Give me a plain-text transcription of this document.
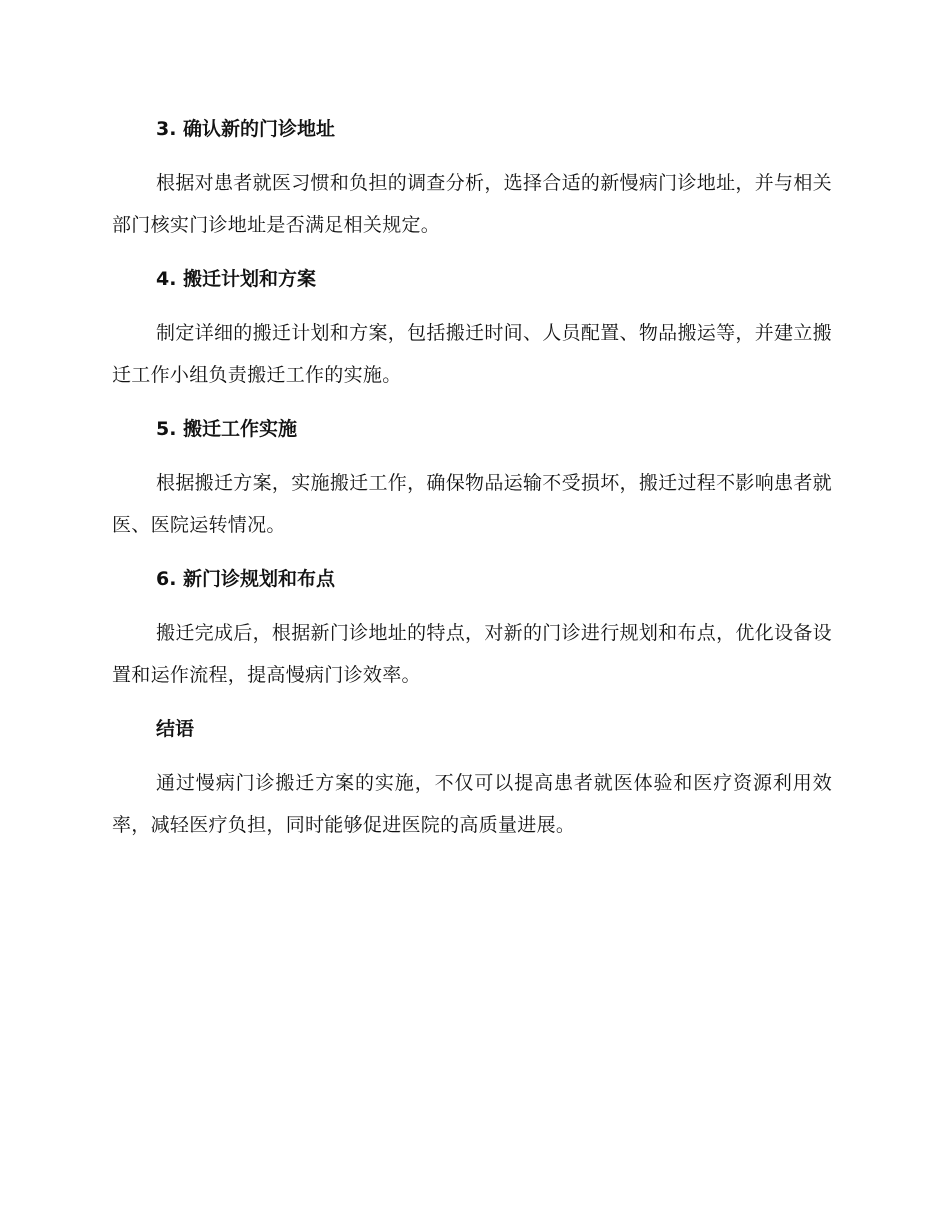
3. 确认新的门诊地址

根据对患者就医习惯和负担的调查分析，选择合适的新慢病门诊地址，并与相关部门核实门诊地址是否满足相关规定。

4. 搬迁计划和方案

制定详细的搬迁计划和方案，包括搬迁时间、人员配置、物品搬运等，并建立搬迁工作小组负责搬迁工作的实施。

5. 搬迁工作实施

根据搬迁方案，实施搬迁工作，确保物品运输不受损坏，搬迁过程不影响患者就医、医院运转情况。

6. 新门诊规划和布点

搬迁完成后，根据新门诊地址的特点，对新的门诊进行规划和布点，优化设备设置和运作流程，提高慢病门诊效率。

结语

通过慢病门诊搬迁方案的实施，不仅可以提高患者就医体验和医疗资源利用效率，减轻医疗负担，同时能够促进医院的高质量进展。
